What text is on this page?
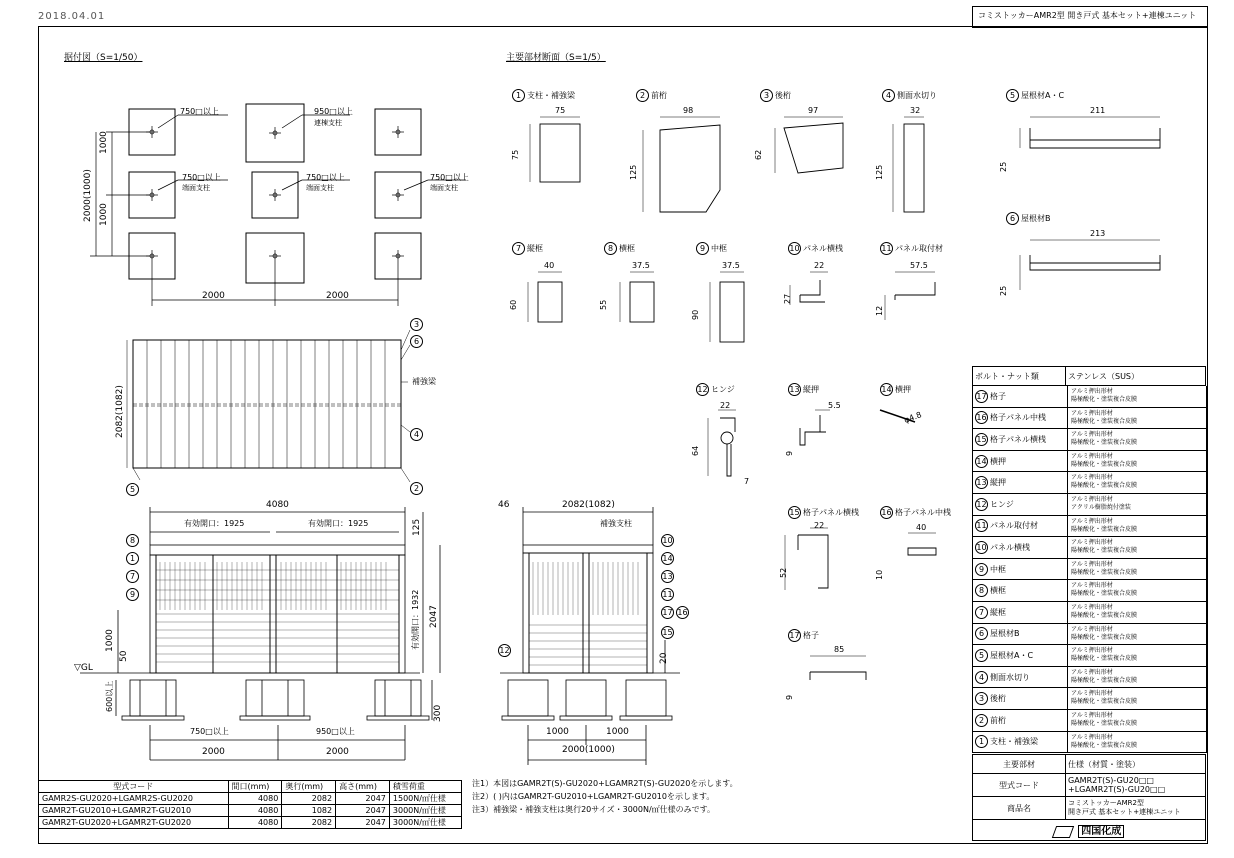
2018.04.01	コミストッカーAMR2型 開き戸式 基本セット+連棟ユニット
据付図（S=1/50）	主要部材断面（S=1/5）
750□以上	950□以上
連棟支柱
750□以上
端面支柱
750□以上
端面支柱
750□以上
端面支柱
1000
1000
2000(1000)
2000	2000
2082(1082)
補強梁
3
6
4
5	2
4080
有効開口：1925	有効開口：1925	125
2047
有効開口：1932
1000
50
▽GL
600以上
300
750□以上	950□以上
2000	2000
8
1
7
9
46	2082(1082)
補強支柱
10
14
13
11
17 16
15
12
20
1000	1000
2000(1000)
1 支柱・補強梁
75
75
2 前桁
98
125
3 後桁
97
62
4 側面水切り
32
125
5 屋根材A・C
211
25
6 屋根材B
213
25
7 縦框
40
60
8 横框
37.5
55
9 中框
37.5
90
10 パネル横桟
22
27
11 パネル取付材
57.5
12
12 ヒンジ
22
64
7
13 縦押
5.5
9
14 横押
φ4.8
15 格子パネル横桟
22
52
16 格子パネル中桟
40
10
17 格子
85
9
型式コード	間口(mm)	奥行(mm)	高さ(mm)	積雪荷重
GAMR2S-GU2020+LGAMR2S-GU2020	4080	2082	2047	1500N/㎡仕様
GAMR2T-GU2010+LGAMR2T-GU2010	4080	1082	2047	3000N/㎡仕様
GAMR2T-GU2020+LGAMR2T-GU2020	4080	2082	2047	3000N/㎡仕様
注1）本図はGAMR2T(S)-GU2020+LGAMR2T(S)-GU2020を示します。
注2）( )内はGAMR2T-GU2010+LGAMR2T-GU2010を示します。
注3）補強梁・補強支柱は奥行20サイズ・3000N/㎡仕様のみです。
ボルト・ナット類	ステンレス（SUS）
17 格子
アルミ押出形材
陽極酸化・塗装複合皮膜
16 格子パネル中桟
アルミ押出形材
陽極酸化・塗装複合皮膜
15 格子パネル横桟
アルミ押出形材
陽極酸化・塗装複合皮膜
14 横押
アルミ押出形材
陽極酸化・塗装複合皮膜
13 縦押
アルミ押出形材
陽極酸化・塗装複合皮膜
12 ヒンジ
アルミ押出形材
アクリル樹脂焼付塗装
11 パネル取付材
アルミ押出形材
陽極酸化・塗装複合皮膜
10 パネル横桟
アルミ押出形材
陽極酸化・塗装複合皮膜
9 中框
アルミ押出形材
陽極酸化・塗装複合皮膜
8 横框
アルミ押出形材
陽極酸化・塗装複合皮膜
7 縦框
アルミ押出形材
陽極酸化・塗装複合皮膜
6 屋根材B
アルミ押出形材
陽極酸化・塗装複合皮膜
5 屋根材A・C
アルミ押出形材
陽極酸化・塗装複合皮膜
4 側面水切り
アルミ押出形材
陽極酸化・塗装複合皮膜
3 後桁
アルミ押出形材
陽極酸化・塗装複合皮膜
2 前桁
アルミ押出形材
陽極酸化・塗装複合皮膜
1 支柱・補強梁
アルミ押出形材
陽極酸化・塗装複合皮膜
主要部材	仕様（材質・塗装）
型式コード	GAMR2T(S)-GU20□□
+LGAMR2T(S)-GU20□□

商品名	コミストッカーAMR2型
開き戸式 基本セット+連棟ユニット

四国化成	
